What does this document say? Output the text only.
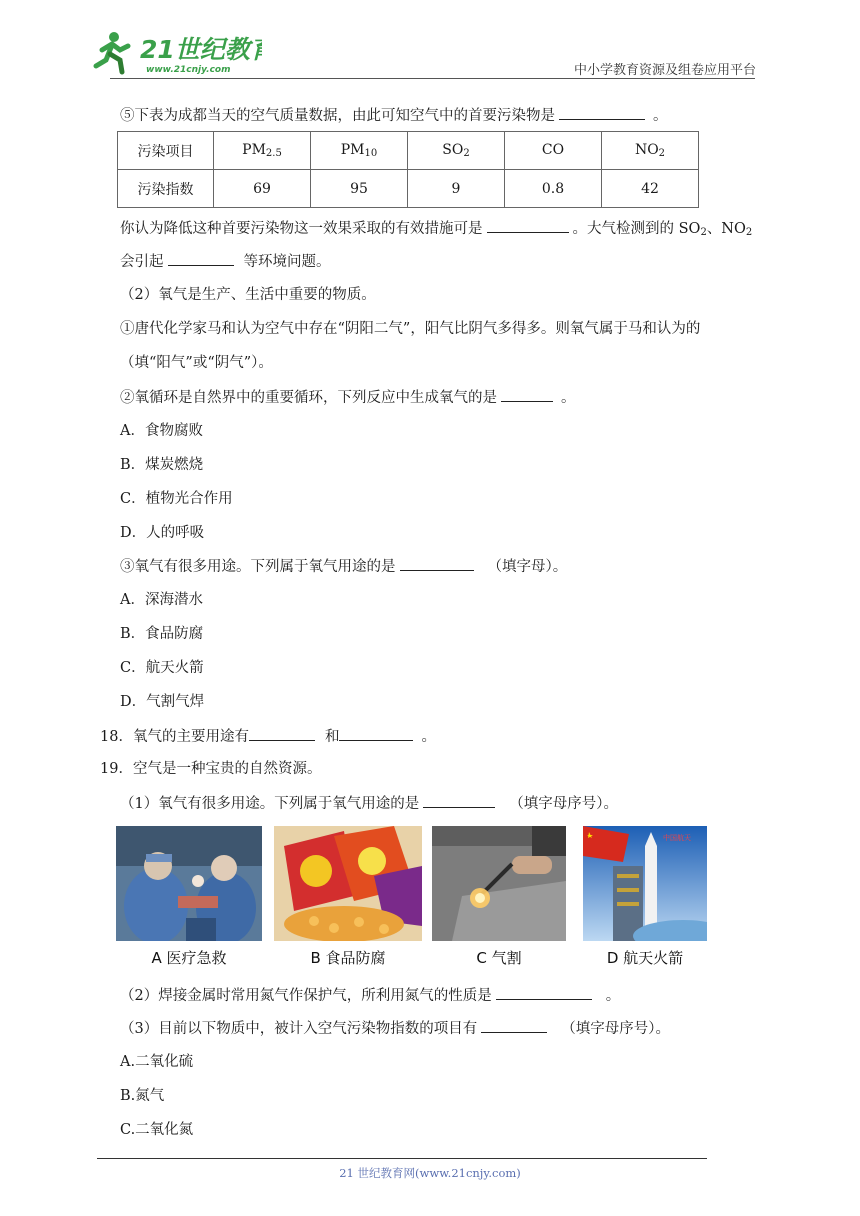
21世纪教育
www.21cnjy.com	中小学教育资源及组卷应用平台
⑤下表为成都当天的空气质量数据，由此可知空气中的首要污染物是	。
污染项目	$PM_{2.5}$	$PM_{10}$	$SO_2$	CO	$NO_2$
污染指数	69	95	9	0.8	42
你认为降低这种首要污染物这一效果采取的有效措施可是	。大气检测到的 $SO_2$、$NO_2$
会引起	等环境问题。
（2）氧气是生产、生活中重要的物质。
①唐代化学家马和认为空气中存在“阴阳二气”，阳气比阴气多得多。则氧气属于马和认为的
（填“阳气”或“阴气”）。
②氧循环是自然界中的重要循环，下列反应中生成氧气的是	。
A．食物腐败
B．煤炭燃烧
C．植物光合作用
D．人的呼吸
③氧气有很多用途。下列属于氧气用途的是	（填字母）。
A．深海潜水
B．食品防腐
C．航天火箭
D．气割气焊
18．氧气的主要用途有	和	。
19．空气是一种宝贵的自然资源。
（1）氧气有很多用途。下列属于氧气用途的是	（填字母序号）。
A 医疗急救	B 食品防腐	C 气割
中国航天
D 航天火箭
（2）焊接金属时常用氮气作保护气，所利用氮气的性质是	。
（3）目前以下物质中，被计入空气污染物指数的项目有	（填字母序号）。
A.二氧化硫
B.氮气
C.二氧化氮
21 世纪教育网(www.21cnjy.com)
